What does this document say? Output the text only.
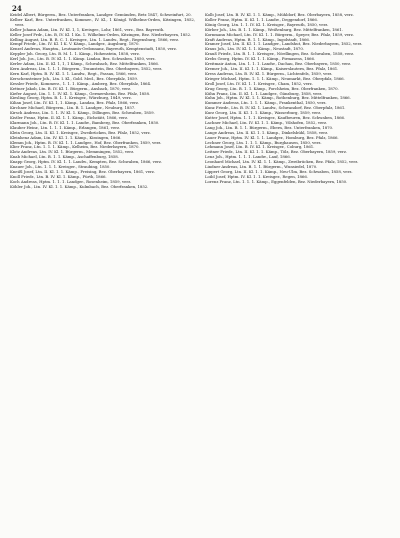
24
Keidel Albert, Bürgerm., Bez. Unterfranken, Landger. Gemünden, Betz 1847, Schweinfurt, 20.
Kelber Karl, Bez. Unterfranken, Kommer., IV. Kl., 1 Königl. Wilhelms-Orden, Kitzingen, 1852, verz.
Keller Johann Adam, Ltn. IV. Kl. 1, 1, Kreisger., Lohr, 1861, verz., Bez. Bayreuth.
Keller Josef Frdr., Ltn. B, IV. Kl. 1 Kn. 1. Wilhelms-Orden, Kitzingen, Bez. Niederbayern, 1852.
Kelling August, Ltn. B. R. C. 1. Kreisger., Ltn. 1. Landw., Regt., Regensburg, 1866, verz.
Kempf Friedr., Ltn. IV. Kl. 1 K. V. Kämp., Landger., Augsburg, 1870.
Kenzel Andreas, Hauptm., Leutnants-Ordonnanz, Bayreuth, Kemptenstadt, 1850, verz.
Keppler Joh. Georg, Ltn. B. M. 1. 1. Kämp., Hohenstein, 1858, verz.
Kerl Joh. Jos., Ltn. B. IV. Kl. 1. 1. Kämp. Lindau, Bez. Schwaben, 1850, verz.
Kerler Adam, Ltn. II. Kl. 1, 1, 1 Kämp., Schwabach, Bez. Mittelfranken, 1866.
Kern Andreas, Ltn. 1. 1. 1. Bürgerm., Traunstein, Bez. Oberbayern, 1852, verz.
Kern Karl, Hptm. B. IV. Kl. 1. 1. Landw., Regt., Passau, 1866, verz.
Kerschensteiner Joh., Ltn. I. Kl., Gold. Med., Bez. Oberpfalz, 1859.
Kessler Friedr., Kommerz., 1. 1. 1. Kämp., Amberg, Bez. Oberpfalz, 1864.
Kettner Jakob, Ltn. B. IV. Kl. 1. Bürgerm., Ansbach, 1870, verz.
Kiefer August, Ltn. 1. 1. IV. Kl. 1. Kämp., Germersheim, Bez. Pfalz, 1858.
Kiesling Georg, Hptm. B. 1. 1. Kreisger., Würzburg, 1849, verz.
Kilian Josef, Ltn. IV. Kl. 1, 1. Kämp., Landau, Bez. Pfalz, 1866, verz.
Kirchner Michael, Bürgerm., Ltn. B. 1. Landger., Neuburg, 1857.
Kirsch Andreas, Ltn. 1. 1. IV. Kl. 1. Kämp., Dillingen, Bez. Schwaben, 1859.
Kistler Franz, Hptm. II. Kl. 1. 1. Kämp., Eichstätt, 1866, verz.
Klarmann Joh., Ltn. B. IV. Kl. 1. 1. Landw., Bamberg, Bez. Oberfranken, 1850.
Klauber Heinr., Ltn. 1. 1. 1. Kämp., Erlangen, 1861, verz.
Klein Georg, Ltn. II. Kl. 1. Kreisger., Zweibrücken, Bez. Pfalz, 1852, verz.
Kleinhenz Adam, Ltn. IV. Kl. 1. 1. Kämp., Kissingen, 1866.
Klemm Joh., Hptm. B. IV. Kl. 1. 1. Landger., Hof, Bez. Oberfranken, 1859, verz.
Klier Franz, Ltn. 1. 1. 1. Kämp., Kelheim, Bez. Niederbayern, 1870.
Klotz Andreas, Ltn. IV. Kl. 1. Bürgerm., Memmingen, 1852, verz.
Knab Michael, Ltn. B. 1. 1. Kämp., Aschaffenburg, 1858.
Knapp Georg, Hptm. IV. Kl. 1. 1. Landw., Kempten, Bez. Schwaben, 1866, verz.
Knauer Joh., Ltn. 1. 1. 1. Kreisger., Straubing, 1850.
Kneißl Josef, Ltn. II. Kl. 1. 1. Kämp., Freising, Bez. Oberbayern, 1861, verz.
Knoll Friedr., Ltn. B. IV. Kl. 1. Kämp., Fürth, 1866.
Koch Andreas, Hptm. 1. 1. 1. Landger., Rosenheim, 1859, verz.
Köhler Joh., Ltn. IV. Kl. 1. 1. Kämp., Kulmbach, Bez. Oberfranken, 1852.
Kolb Josef, Ltn. B. IV. Kl. 1. 1. Kämp., Mühldorf, Bez. Oberbayern, 1858, verz.
Koller Franz, Hptm. II. Kl. 1. 1. Landw., Deggendorf, 1866.
König Georg, Ltn. 1. 1. IV. Kl. 1. Kreisger., Bayreuth, 1850, verz.
Körber Joh., Ltn. B. 1. 1. Kämp., Weißenburg, Bez. Mittelfranken, 1861.
Kornmann Michael, Ltn. IV. Kl. 1. 1. Bürgerm., Speyer, Bez. Pfalz, 1859, verz.
Kraft Andreas, Hptm. B. 1. 1. Kämp., Ingolstadt, 1866.
Kramer Josef, Ltn. II. Kl. 1. 1. Landger., Landshut, Bez. Niederbayern, 1852, verz.
Kraus Joh., Ltn. IV. Kl. 1. 1. Kämp., Neustadt, 1870.
Krauß Friedr., Ltn. B. 1. 1. Kreisger., Nördlingen, Bez. Schwaben, 1858, verz.
Krebs Georg, Hptm. IV. Kl. 1. 1. Kämp., Pirmasens, 1866.
Kreitmair Anton, Ltn. 1. 1. 1. Landw., Dachau, Bez. Oberbayern, 1850, verz.
Kremer Joh., Ltn. II. Kl. 1. 1. Kämp., Kaiserslautern, Bez. Pfalz, 1861.
Kress Andreas, Ltn. B. IV. Kl. 1. Bürgerm., Lichtenfels, 1859, verz.
Krieger Michael, Hptm. 1. 1. 1. Kämp., Neumarkt, Bez. Oberpfalz, 1866.
Kroll Josef, Ltn. IV. Kl. 1. 1. Kreisger., Cham, 1852, verz.
Krug Georg, Ltn. B. 1. 1. Kämp., Forchheim, Bez. Oberfranken, 1870.
Kühn Franz, Ltn. II. Kl. 1. 1. Landger., Günzburg, 1858, verz.
Kuhn Joh., Hptm. IV. Kl. 1. 1. Kämp., Rothenburg, Bez. Mittelfranken, 1866.
Kummer Andreas, Ltn. 1. 1. 1. Kämp., Frankenthal, 1850, verz.
Kunz Friedr., Ltn. B. IV. Kl. 1. Landw., Schwandorf, Bez. Oberpfalz, 1861.
Kurz Georg, Ltn. II. Kl. 1. 1. Kämp., Wasserburg, 1859, verz.
Kutter Josef, Hptm. 1. 1. 1. Kreisger., Kaufbeuren, Bez. Schwaben, 1866.
Lachner Michael, Ltn. IV. Kl. 1. 1. Kämp., Vilshofen, 1852, verz.
Lang Joh., Ltn. B. 1. 1. Bürgerm., Ebern, Bez. Unterfranken, 1870.
Lange Andreas, Ltn. II. Kl. 1. 1. Kämp., Dinkelsbühl, 1858, verz.
Lauer Franz, Hptm. IV. Kl. 1. 1. Landger., Homburg, Bez. Pfalz, 1866.
Lechner Georg, Ltn. 1. 1. 1. Kämp., Burghausen, 1850, verz.
Lehmann Josef, Ltn. B. IV. Kl. 1. Kreisger., Coburg, 1861.
Leitner Friedr., Ltn. II. Kl. 1. 1. Kämp., Tölz, Bez. Oberbayern, 1859, verz.
Lenz Joh., Hptm. 1. 1. 1. Landw., Lauf, 1866.
Leonhard Michael, Ltn. IV. Kl. 1. 1. Kämp., Zweibrücken, Bez. Pfalz, 1852, verz.
Lindner Andreas, Ltn. B. 1. 1. Bürgerm., Wunsiedel, 1870.
Lippert Georg, Ltn. II. Kl. 1. 1. Kämp., Neu-Ulm, Bez. Schwaben, 1858, verz.
Loibl Josef, Hptm. IV. Kl. 1. 1. Kreisger., Regen, 1866.
Lorenz Franz, Ltn. 1. 1. 1. Kämp., Eggenfelden, Bez. Niederbayern, 1850.
